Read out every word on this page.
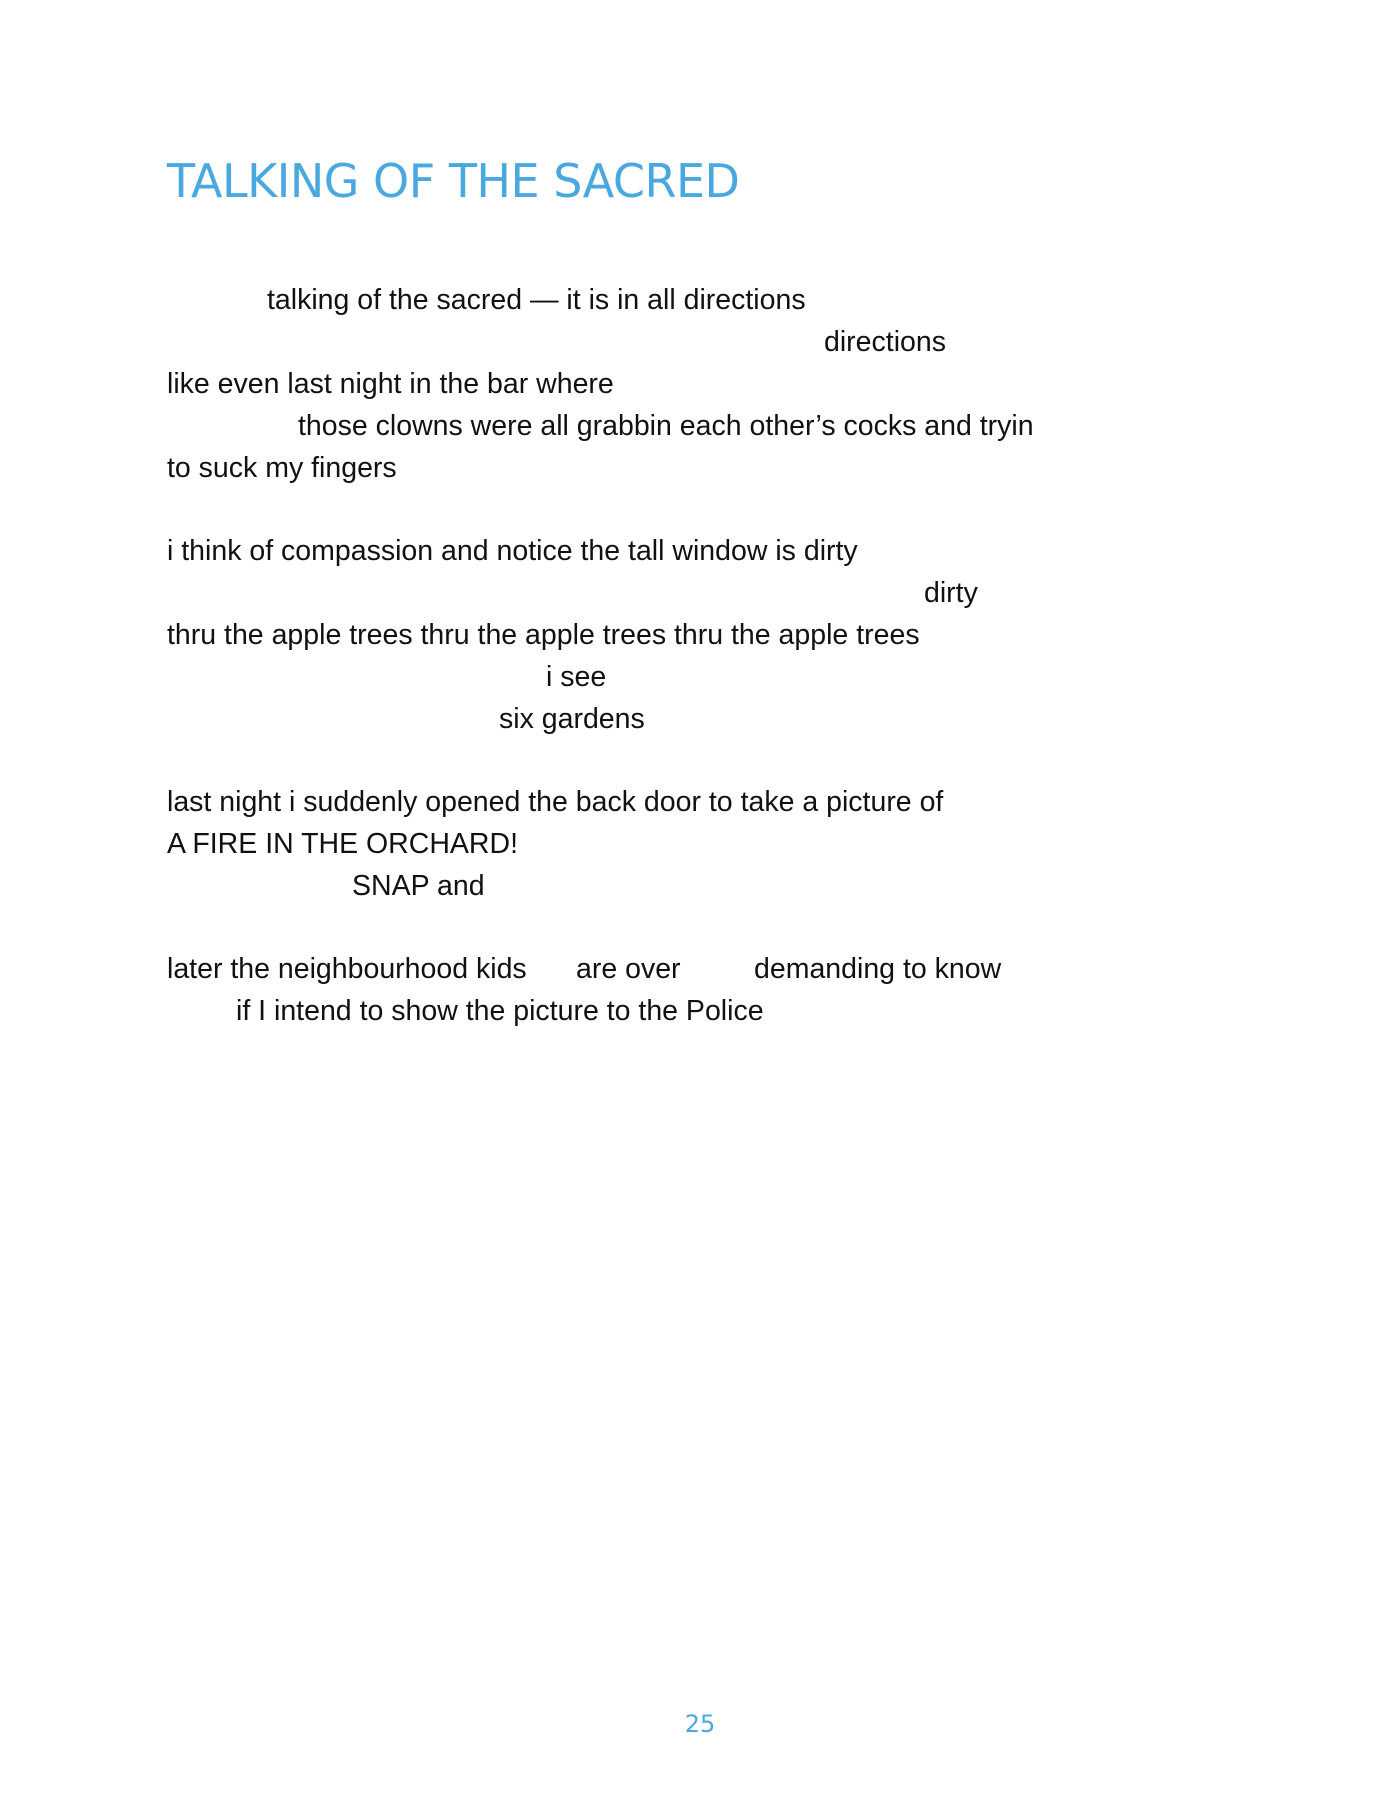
TALKING OF THE SACRED

talking of the sacred — it is in all directions

directions

like even last night in the bar where

those clowns were all grabbin each other’s cocks and tryin

to suck my fingers

i think of compassion and notice the tall window is dirty

dirty

thru the apple trees thru the apple trees thru the apple trees

i see

six gardens

last night i suddenly opened the back door to take a picture of

A FIRE IN THE ORCHARD!

SNAP and

later the neighbourhood kids are over	demanding to know

if I intend to show the picture to the Police

25
